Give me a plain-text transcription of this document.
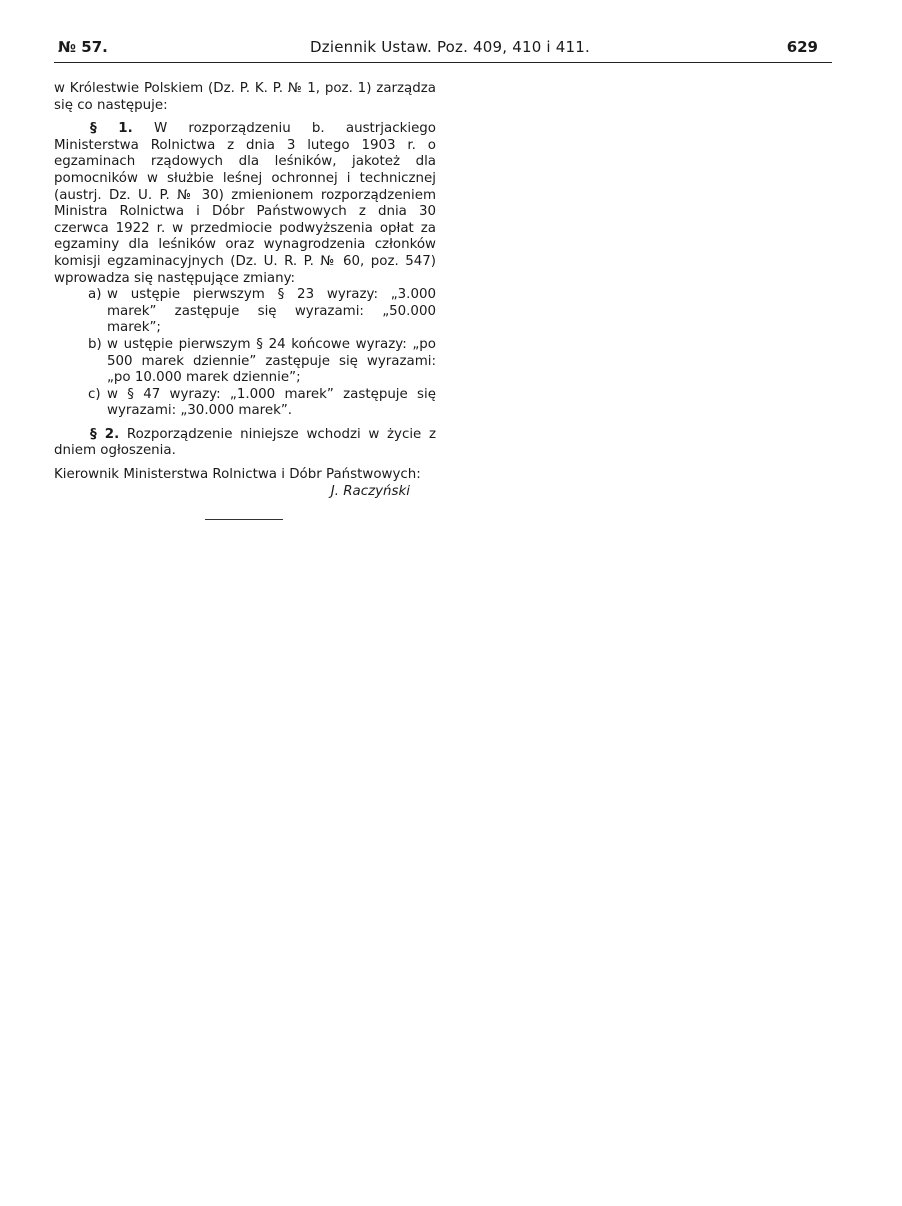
№ 57.	Dziennik Ustaw. Poz. 409, 410 i 411.	629

w Królestwie Polskiem (Dz. P. K. P. № 1, poz. 1) zarządza się co następuje:

§ 1. W rozporządzeniu b. austrjackiego Ministerstwa Rolnictwa z dnia 3 lutego 1903 r. o egzaminach rządowych dla leśników, jakoteż dla pomocników w służbie leśnej ochronnej i technicznej (austrj. Dz. U. P. № 30) zmienionem rozporządzeniem Ministra Rolnictwa i Dóbr Państwowych z dnia 30 czerwca 1922 r. w przedmiocie podwyższenia opłat za egzaminy dla leśników oraz wynagrodzenia członków komisji egzaminacyjnych (Dz. U. R. P. № 60, poz. 547) wprowadza się następujące zmiany:

a) w ustępie pierwszym § 23 wyrazy: „3.000 marek” zastępuje się wyrazami: „50.000 marek”;
b) w ustępie pierwszym § 24 końcowe wyrazy: „po 500 marek dziennie” zastępuje się wyrazami: „po 10.000 marek dziennie”;
c) w § 47 wyrazy: „1.000 marek” zastępuje się wyrazami: „30.000 marek”.

§ 2. Rozporządzenie niniejsze wchodzi w życie z dniem ogłoszenia.

Kierownik Ministerstwa Rolnictwa i Dóbr Państwowych:

J. Raczyński
